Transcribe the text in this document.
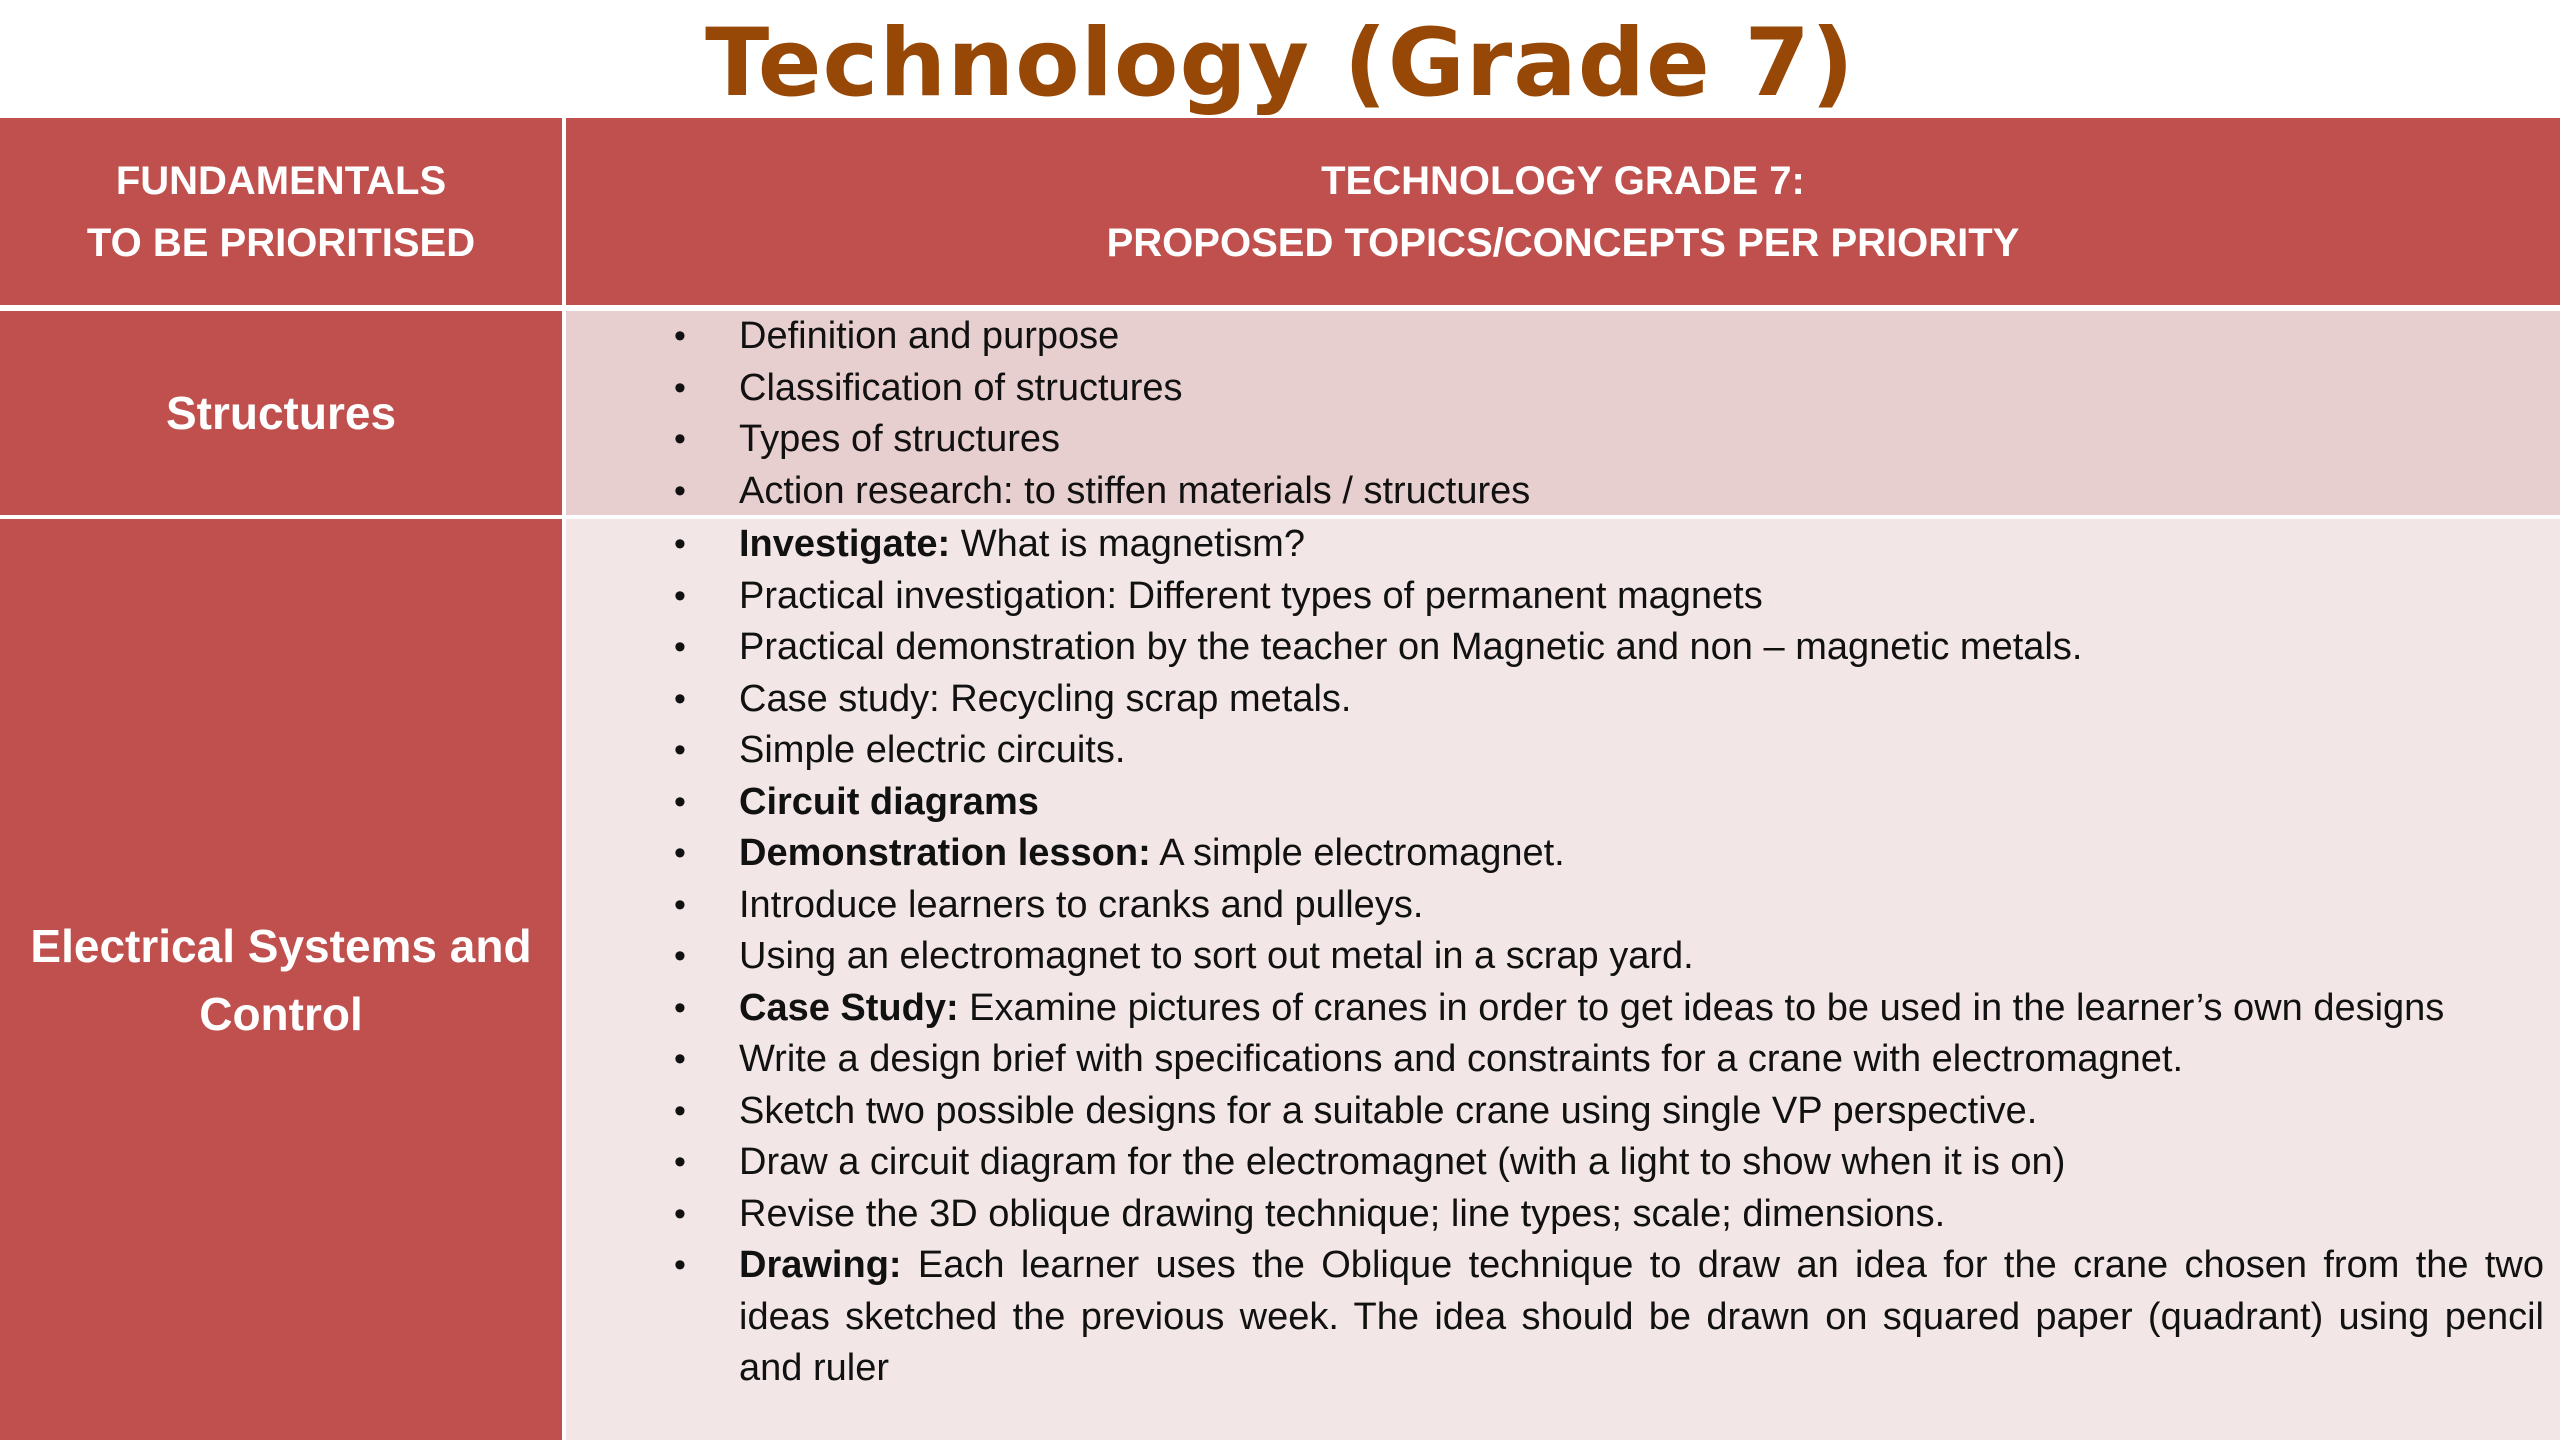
Technology (Grade 7)
FUNDAMENTALS
TO BE PRIORITISED
TECHNOLOGY GRADE 7:
PROPOSED TOPICS/CONCEPTS PER PRIORITY
Structures
• Definition and purpose
• Classification of structures
• Types of structures
• Action research: to stiffen materials / structures
Electrical Systems and
Control
• Investigate: What is magnetism?
• Practical investigation: Different types of permanent magnets
• Practical demonstration by the teacher on Magnetic and non – magnetic metals.
• Case study: Recycling scrap metals.
• Simple electric circuits.
• Circuit diagrams
• Demonstration lesson: A simple electromagnet.
• Introduce learners to cranks and pulleys.
• Using an electromagnet to sort out metal in a scrap yard.
• Case Study: Examine pictures of cranes in order to get ideas to be used in the learner’s own designs
• Write a design brief with specifications and constraints for a crane with electromagnet.
• Sketch two possible designs for a suitable crane using single VP perspective.
• Draw a circuit diagram for the electromagnet (with a light to show when it is on)
• Revise the 3D oblique drawing technique; line types; scale; dimensions.
• Drawing: Each learner uses the Oblique technique to draw an idea for the crane chosen from the two ideas sketched the previous week. The idea should be drawn on squared paper (quadrant) using pencil and ruler
